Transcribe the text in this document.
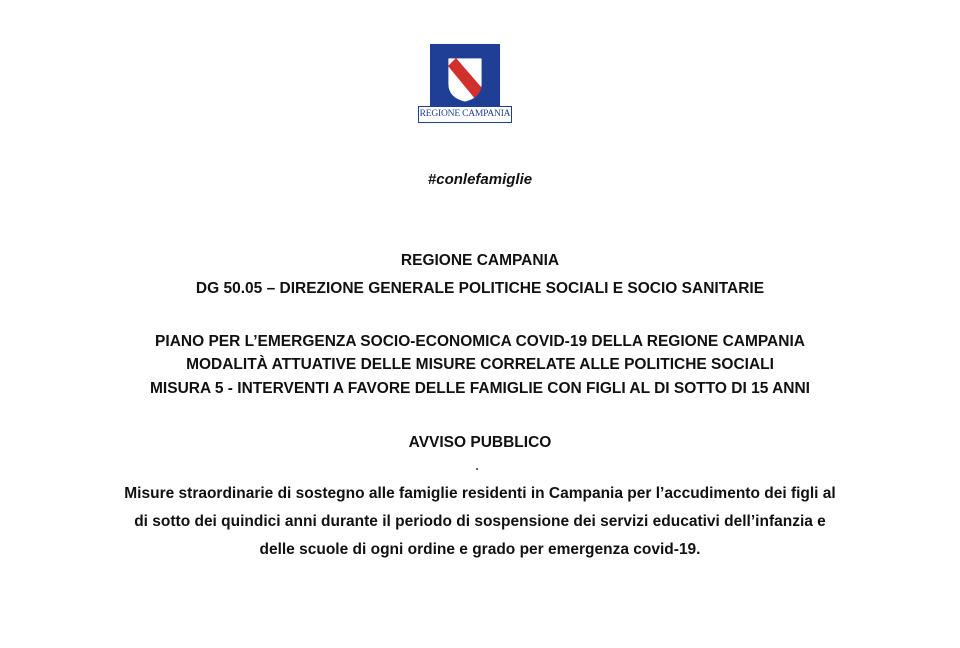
REGIONE CAMPANIA
#conlefamiglie
REGIONE CAMPANIA
DG 50.05 – DIREZIONE GENERALE POLITICHE SOCIALI E SOCIO SANITARIE
PIANO PER L’EMERGENZA SOCIO-ECONOMICA COVID-19 DELLA REGIONE CAMPANIA
MODALITÀ ATTUATIVE DELLE MISURE CORRELATE ALLE POLITICHE SOCIALI
MISURA 5 - INTERVENTI A FAVORE DELLE FAMIGLIE CON FIGLI AL DI SOTTO DI 15 ANNI
AVVISO PUBBLICO
Misure straordinarie di sostegno alle famiglie residenti in Campania per l’accudimento dei figli al
di sotto dei quindici anni durante il periodo di sospensione dei servizi educativi dell’infanzia e
delle scuole di ogni ordine e grado per emergenza covid-19.
